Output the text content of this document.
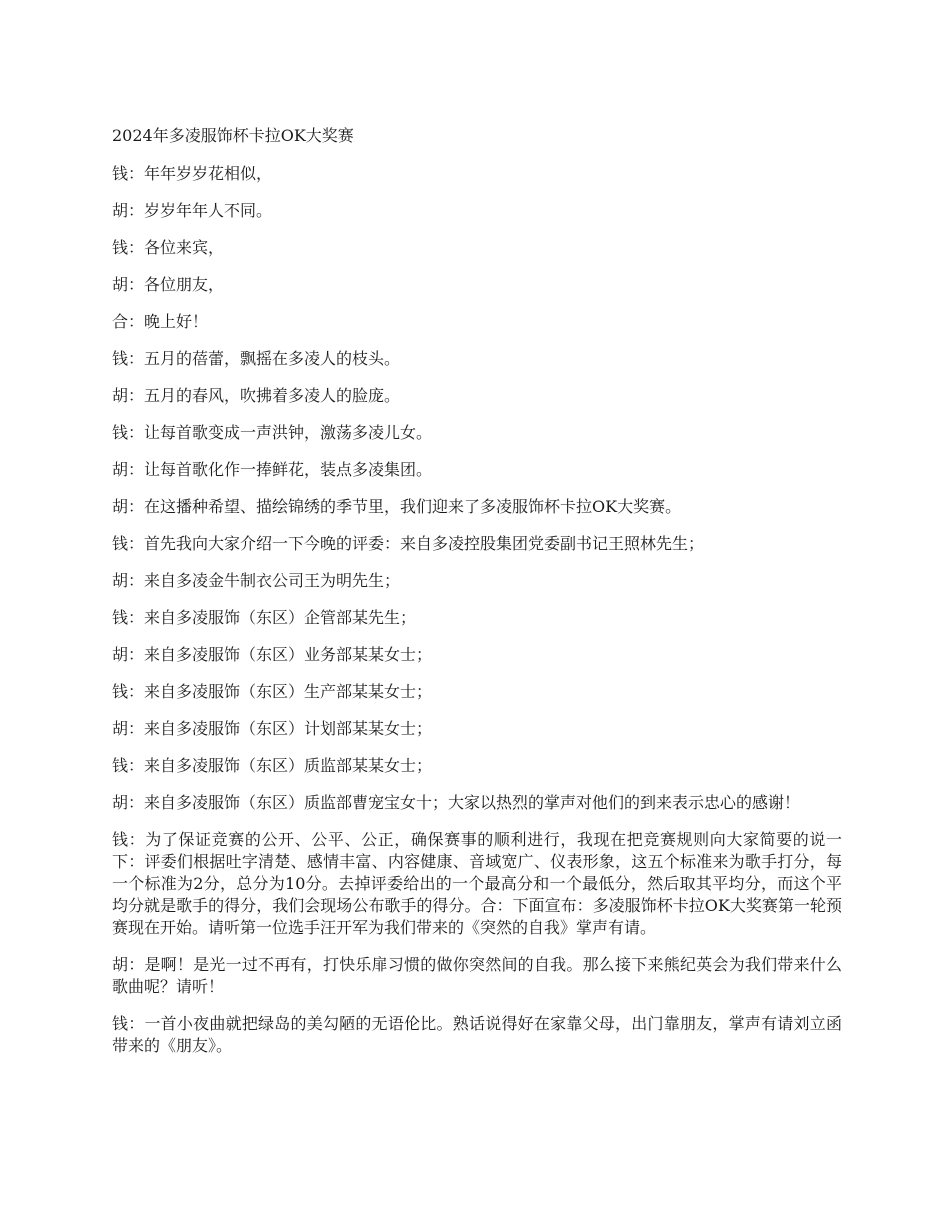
2024年多凌服饰杯卡拉OK大奖赛

钱：年年岁岁花相似，

胡：岁岁年年人不同。

钱：各位来宾，

胡：各位朋友，

合：晚上好！

钱：五月的蓓蕾，飘摇在多凌人的枝头。

胡：五月的春风，吹拂着多凌人的脸庞。

钱：让每首歌变成一声洪钟，激荡多凌儿女。

胡：让每首歌化作一捧鲜花，装点多凌集团。

胡：在这播种希望、描绘锦绣的季节里，我们迎来了多凌服饰杯卡拉OK大奖赛。

钱：首先我向大家介绍一下今晚的评委：来自多凌控股集团党委副书记王照林先生；

胡：来自多凌金牛制衣公司王为明先生；

钱：来自多凌服饰（东区）企管部某先生；

胡：来自多凌服饰（东区）业务部某某女士；

钱：来自多凌服饰（东区）生产部某某女士；

胡：来自多凌服饰（东区）计划部某某女士；

钱：来自多凌服饰（东区）质监部某某女士；

胡：来自多凌服饰（东区）质监部曹宠宝女十；大家以热烈的掌声对他们的到来表示忠心的感谢！

钱：为了保证竞赛的公开、公平、公正，确保赛事的顺利进行，我现在把竞赛规则向大家简要的说一下：评委们根据吐字清楚、感情丰富、内容健康、音域宽广、仪表形象，这五个标准来为歌手打分，每一个标准为2分，总分为10分。去掉评委给出的一个最高分和一个最低分，然后取其平均分，而这个平均分就是歌手的得分，我们会现场公布歌手的得分。合：下面宣布：多凌服饰杯卡拉OK大奖赛第一轮预赛现在开始。请听第一位选手汪开军为我们带来的《突然的自我》掌声有请。

胡：是啊！是光一过不再有，打快乐扉习惯的做你突然间的自我。那么接下来熊纪英会为我们带来什么歌曲呢？请听！

钱：一首小夜曲就把绿岛的美勾陋的无语伦比。熟话说得好在家靠父母，出门靠朋友，掌声有请刘立函带来的《朋友》。
